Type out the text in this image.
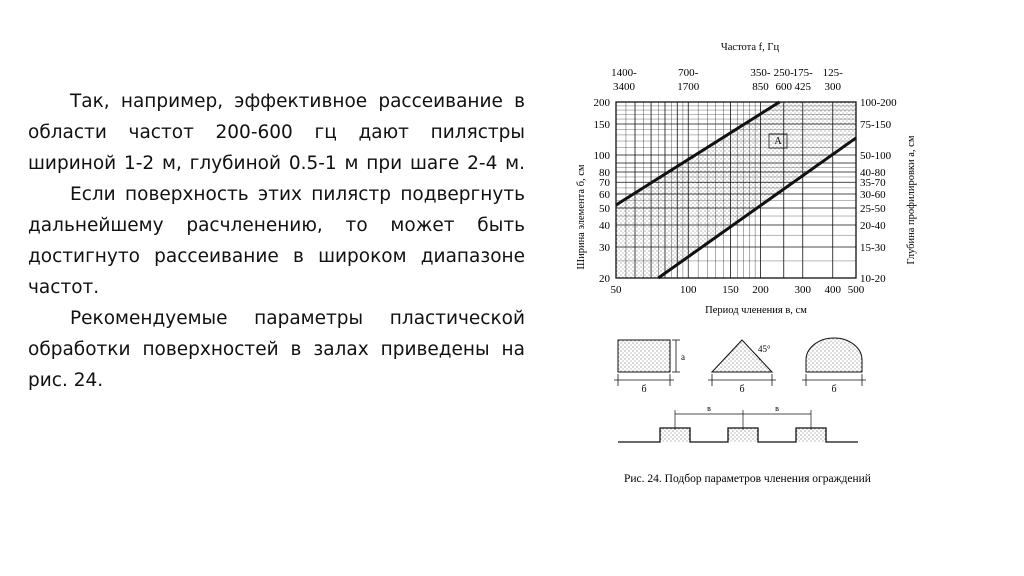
Так, например, эффективное рассеивание в области частот 200-600 гц дают пилястры шириной 1-2 м, глубиной 0.5-1 м при шаге 2-4 м.

Если поверхность этих пилястр подвергнуть дальнейшему расчленению, то может быть достигнуто рассеивание в широком диапазоне частот.

Рекомендуемые параметры пластической обработки поверхностей в залах приведены на рис. 24.

50	100 150 200 300 400 500
20
30
40
50
60
70
80
100
150
200
10-20
15-30
20-40
25-50
30-60
35-70
40-80
50-100
75-150
100-200
1400-
3400
700-
1700
350-
850
250-
600
175-
425
125-
300
Частота f, Гц
Период членения в, см
Ширина элемента б, см	Глубина профилировки а, см
А
а
б
45°
б	б
в	в
Рис. 24. Подбор параметров членения ограждений
